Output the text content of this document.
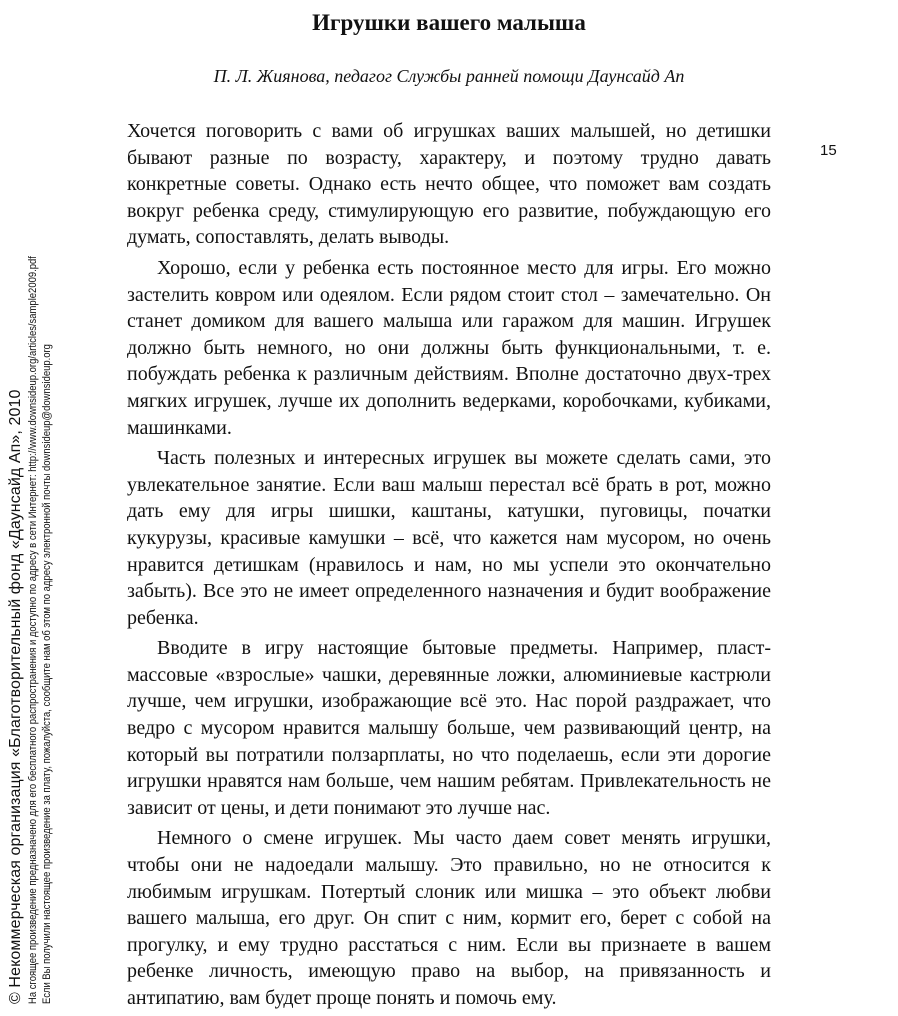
Игрушки вашего малыша
П. Л. Жиянова, педагог Службы ранней помощи Даунсайд Ап
15

Хочется поговорить с вами об игрушках ваших малышей, но детишки бывают разные по возрасту, характеру, и поэтому трудно давать конкретные советы. Однако есть нечто общее, что поможет вам создать вокруг ребенка среду, стимулирующую его развитие, побуждающую его думать, сопоставлять, делать выводы.

Хорошо, если у ребенка есть постоянное место для игры. Его можно застелить ковром или одеялом. Если рядом стоит стол – замечательно. Он станет домиком для вашего малыша или гаражом для машин. Игрушек должно быть немного, но они должны быть функциональными, т. е. побуждать ребенка к различным действиям. Вполне достаточно двух-трех мягких игрушек, лучше их дополнить ведерками, коробочками, кубиками, машинками.

Часть полезных и интересных игрушек вы можете сделать сами, это увлекательное занятие. Если ваш малыш перестал всё брать в рот, можно дать ему для игры шишки, каштаны, катушки, пуговицы, початки кукурузы, красивые камушки – всё, что кажется нам мусором, но очень нравится детишкам (нравилось и нам, но мы успели это окончательно забыть). Все это не имеет определенного назначения и будит воображение ребенка.

Вводите в игру настоящие бытовые предметы. Например, пластмассовые «взрослые» чашки, деревянные ложки, алюминиевые кастрюли лучше, чем игрушки, изображающие всё это. Нас порой раздражает, что ведро с мусором нравится малышу больше, чем развивающий центр, на который вы потратили ползарплаты, но что поделаешь, если эти дорогие игрушки нравятся нам больше, чем нашим ребятам. Привлекательность не зависит от цены, и дети понимают это лучше нас.

Немного о смене игрушек. Мы часто даем совет менять игрушки, чтобы они не надоедали малышу. Это правильно, но не относится к любимым игрушкам. Потертый слоник или мишка – это объект любви вашего малыша, его друг. Он спит с ним, кормит его, берет с собой на прогулку, и ему трудно расстаться с ним. Если вы признаете в вашем ребенке личность, имеющую право на выбор, на привязанность и антипатию, вам будет проще понять и помочь ему.

© Некоммерческая организация «Благотворительный фонд «Даунсайд Ап», 2010 На сгоящее произведение предназначено для его бесплатного распространения и доступно по адресу в сети Интернет: http://www.downsideup.org/articles/sample2009.pdf Если Вы получили настоящее произведение за плату, пожалуйста, сообщите нам об этом по адресу электронной почты downsideup@downsideup.org
